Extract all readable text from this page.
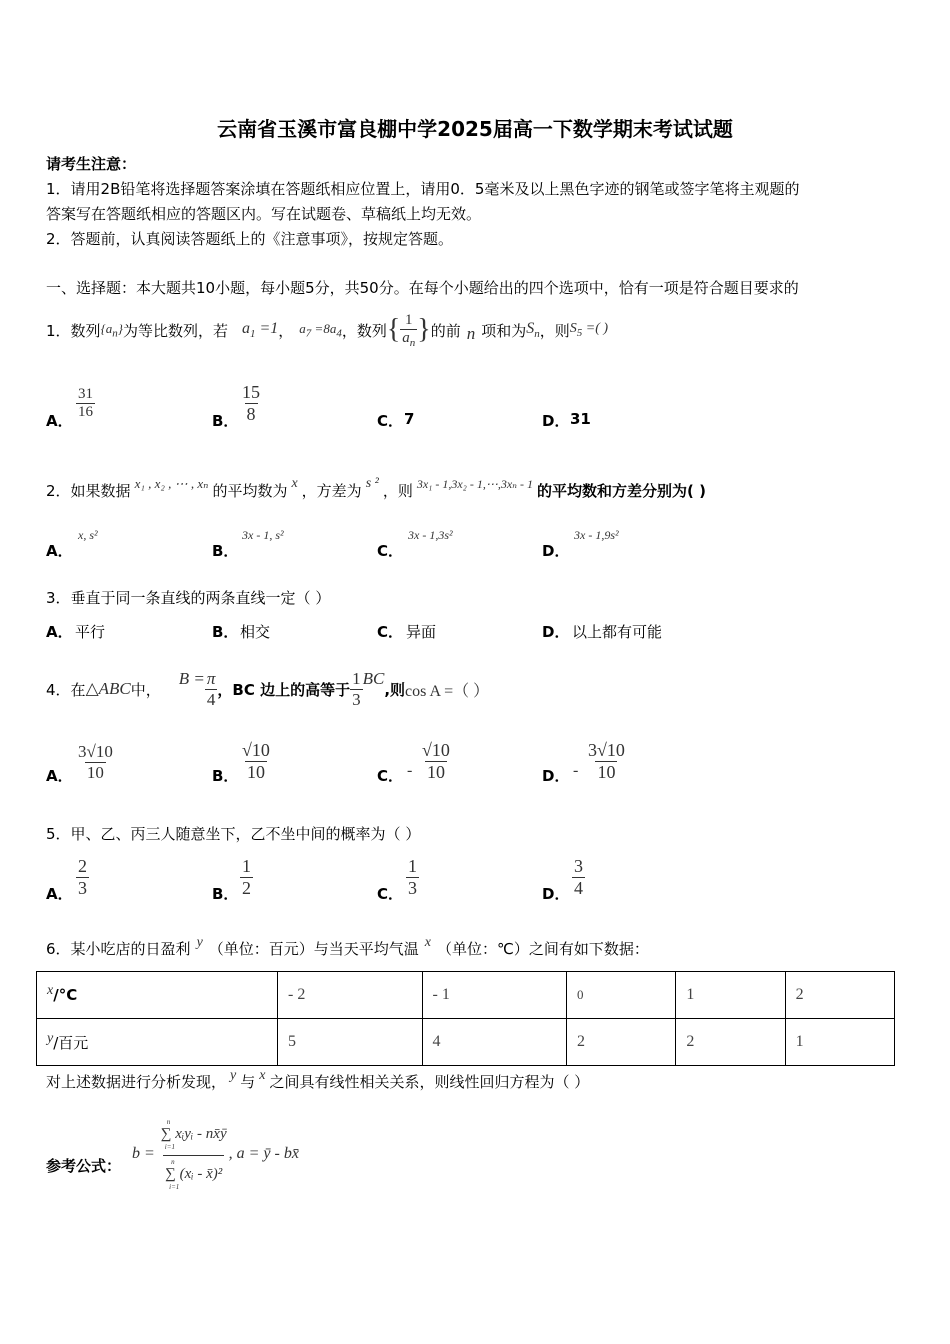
云南省玉溪市富良棚中学2025届高一下数学期末考试试题
请考生注意：
1．请用2B铅笔将选择题答案涂填在答题纸相应位置上，请用0．5毫米及以上黑色字迹的钢笔或签字笔将主观题的
答案写在答题纸相应的答题区内。写在试题卷、草稿纸上均无效。
2．答题前，认真阅读答题纸上的《注意事项》，按规定答题。
一、选择题：本大题共10小题，每小题5分，共50分。在每个小题给出的四个选项中，恰有一项是符合题目要求的
1． 数列 $\{a_n\}$ 为等比数列，若 $a_1 =1$ ， $a_7 =8a_4$ ，数列 { $\frac{1}{a_n}$ } 的前 n 项和为 $S_n$ ，则 $S_5$ =( )
A． $\frac{31}{16}$	B． $\frac{15}{8}$	C． 7	D． 31
2． 如果数据 x₁ , x₂ , ⋯ , xₙ 的平均数为 x ，方差为 s ² ，则 3x₁ - 1,3x₂ - 1,⋯,3xₙ - 1 的平均数和方差分别为( )
A．
x, s²
B．
3x - 1, s²
C．
3x - 1,3s²
D．
3x - 1,9s²
3．垂直于同一条直线的两条直线一定（ ）
A． 平行	B． 相交	C． 异面	D． 以上都有可能
4． 在 △ABC 中，
$B = \frac{\pi}{4}$ ，BC 边上的高等于 $\frac{1}{3}$ BC
,则 cos A =（ ）
A． $\frac{3√10}{10}$	B． $\frac{√10}{10}$	C． - $\frac{√10}{10}$	D． - $\frac{3√10}{10}$
5．甲、乙、丙三人随意坐下，乙不坐中间的概率为（ ）
A． $\frac{2}{3}$	B． $\frac{1}{2}$	C． $\frac{1}{3}$	D． $\frac{3}{4}$
6． 某小吃店的日盈利 y （单位：百元）与当天平均气温 x （单位：℃）之间有如下数据：
x/°C	- 2	- 1	0	1	2
y/百元	5	4	2	2	1
对上述数据进行分析发现， y 与 x 之间具有线性相关关系，则线性回归方程为（ ）
参考公式：
b = n
∑ xᵢyᵢ - nx̄ȳ
i=1
n
∑ (xᵢ - x̄)²
i=1 , a = ȳ - bx̄
